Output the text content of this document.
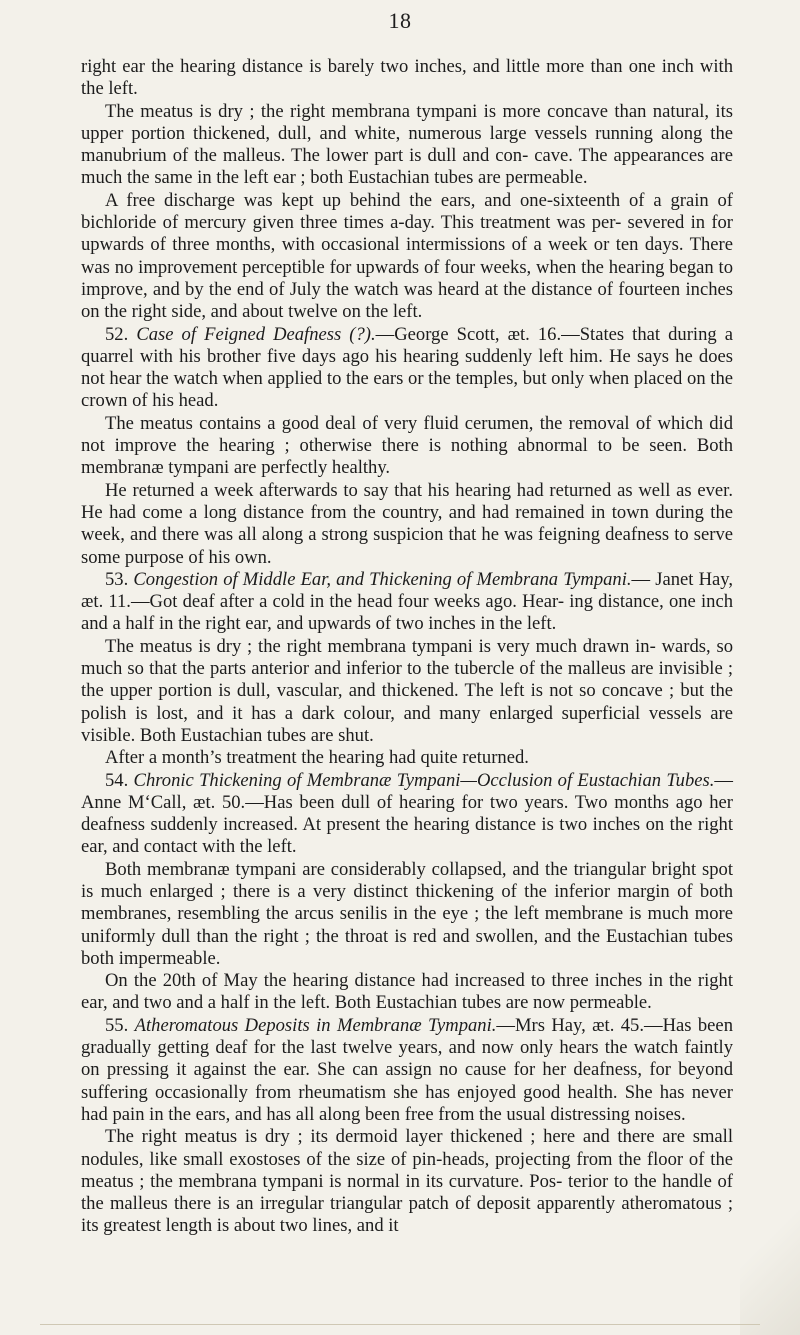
18

right ear the hearing distance is barely two inches, and little more than one inch with the left.

The meatus is dry ; the right membrana tympani is more concave than natural, its upper portion thickened, dull, and white, numerous large vessels running along the manubrium of the malleus. The lower part is dull and con- cave. The appearances are much the same in the left ear ; both Eustachian tubes are permeable.

A free discharge was kept up behind the ears, and one-sixteenth of a grain of bichloride of mercury given three times a-day. This treatment was per- severed in for upwards of three months, with occasional intermissions of a week or ten days. There was no improvement perceptible for upwards of four weeks, when the hearing began to improve, and by the end of July the watch was heard at the distance of fourteen inches on the right side, and about twelve on the left.

52. Case of Feigned Deafness (?).—George Scott, æt. 16.—States that during a quarrel with his brother five days ago his hearing suddenly left him. He says he does not hear the watch when applied to the ears or the temples, but only when placed on the crown of his head.

The meatus contains a good deal of very fluid cerumen, the removal of which did not improve the hearing ; otherwise there is nothing abnormal to be seen. Both membranæ tympani are perfectly healthy.

He returned a week afterwards to say that his hearing had returned as well as ever. He had come a long distance from the country, and had remained in town during the week, and there was all along a strong suspicion that he was feigning deafness to serve some purpose of his own.

53. Congestion of Middle Ear, and Thickening of Membrana Tympani.— Janet Hay, æt. 11.—Got deaf after a cold in the head four weeks ago. Hear- ing distance, one inch and a half in the right ear, and upwards of two inches in the left.

The meatus is dry ; the right membrana tympani is very much drawn in- wards, so much so that the parts anterior and inferior to the tubercle of the malleus are invisible ; the upper portion is dull, vascular, and thickened. The left is not so concave ; but the polish is lost, and it has a dark colour, and many enlarged superficial vessels are visible. Both Eustachian tubes are shut.

After a month’s treatment the hearing had quite returned.

54. Chronic Thickening of Membranæ Tympani—Occlusion of Eustachian Tubes.—Anne M‘Call, æt. 50.—Has been dull of hearing for two years. Two months ago her deafness suddenly increased. At present the hearing distance is two inches on the right ear, and contact with the left.

Both membranæ tympani are considerably collapsed, and the triangular bright spot is much enlarged ; there is a very distinct thickening of the inferior margin of both membranes, resembling the arcus senilis in the eye ; the left membrane is much more uniformly dull than the right ; the throat is red and swollen, and the Eustachian tubes both impermeable.

On the 20th of May the hearing distance had increased to three inches in the right ear, and two and a half in the left. Both Eustachian tubes are now permeable.

55. Atheromatous Deposits in Membranæ Tympani.—Mrs Hay, æt. 45.—Has been gradually getting deaf for the last twelve years, and now only hears the watch faintly on pressing it against the ear. She can assign no cause for her deafness, for beyond suffering occasionally from rheumatism she has enjoyed good health. She has never had pain in the ears, and has all along been free from the usual distressing noises.

The right meatus is dry ; its dermoid layer thickened ; here and there are small nodules, like small exostoses of the size of pin-heads, projecting from the floor of the meatus ; the membrana tympani is normal in its curvature. Pos- terior to the handle of the malleus there is an irregular triangular patch of deposit apparently atheromatous ; its greatest length is about two lines, and it
